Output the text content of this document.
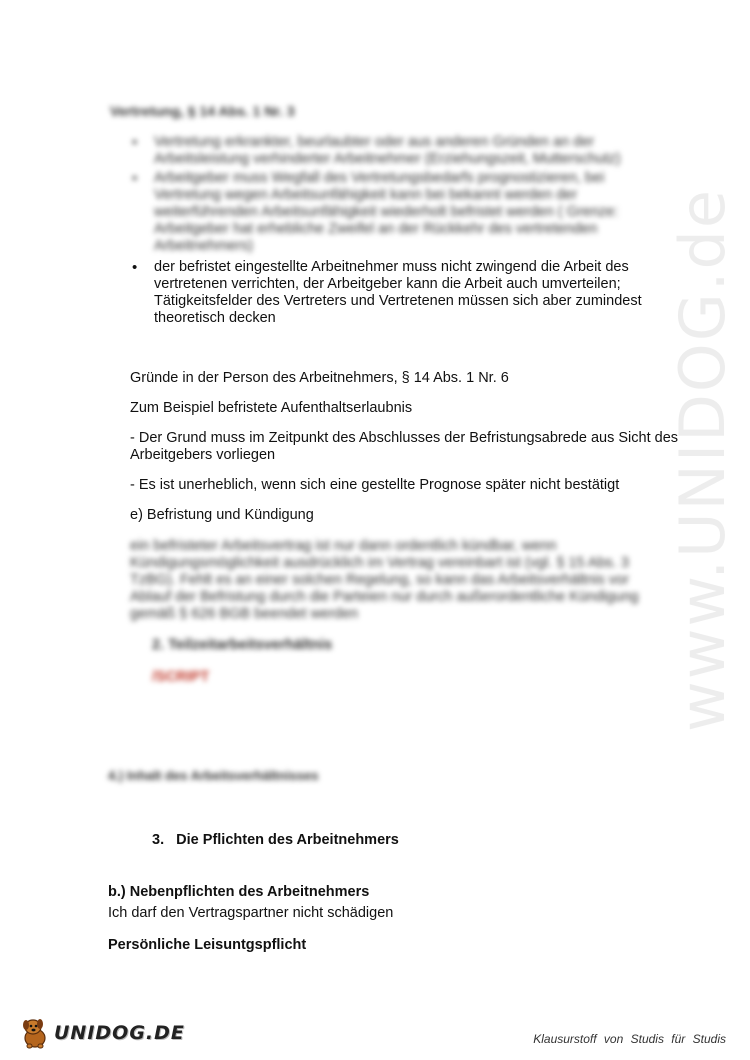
www.UNIDOG.de
Vertretung, § 14 Abs. 1 Nr. 3
• Vertretung erkrankter, beurlaubter oder aus anderen Gründen an der Arbeitsleistung verhinderter Arbeitnehmer (Erziehungszeit, Mutterschutz)
• Arbeitgeber muss Wegfall des Vertretungsbedarfs prognostizieren, bei Vertretung wegen Arbeitsunfähigkeit kann bei bekannt werden der weiterführenden Arbeitsunfähigkeit wiederholt befristet werden ( Grenze: Arbeitgeber hat erhebliche Zweifel an der Rückkehr des vertretenden Arbeitnehmers)
• der befristet eingestellte Arbeitnehmer muss nicht zwingend die Arbeit des vertretenen verrichten, der Arbeitgeber kann die Arbeit auch umverteilen; Tätigkeitsfelder des Vertreters und Vertretenen müssen sich aber zumindest theoretisch decken

Gründe in der Person des Arbeitnehmers, § 14 Abs. 1 Nr. 6

Zum Beispiel befristete Aufenthaltserlaubnis

- Der Grund muss im Zeitpunkt des Abschlusses der Befristungsabrede aus Sicht des Arbeitgebers vorliegen

- Es ist unerheblich, wenn sich eine gestellte Prognose später nicht bestätigt

e) Befristung und Kündigung

ein befristeter Arbeitsvertrag ist nur dann ordentlich kündbar, wenn Kündigungsmöglichkeit ausdrücklich im Vertrag vereinbart ist (vgl. § 15 Abs. 3 TzBG). Fehlt es an einer solchen Regelung, so kann das Arbeitsverhältnis vor Ablauf der Befristung durch die Parteien nur durch außerordentliche Kündigung gemäß § 626 BGB beendet werden

2. Teilzeitarbeitsverhältnis
/SCRIPT
4.) Inhalt des Arbeitsverhältnisses
3.   Die Pflichten des Arbeitnehmers
b.) Nebenpflichten des Arbeitnehmers
Ich darf den Vertragspartner nicht schädigen
Persönliche Leisuntgspflicht
UNIDOG.DE	Klausurstoff von Studis für Studis
